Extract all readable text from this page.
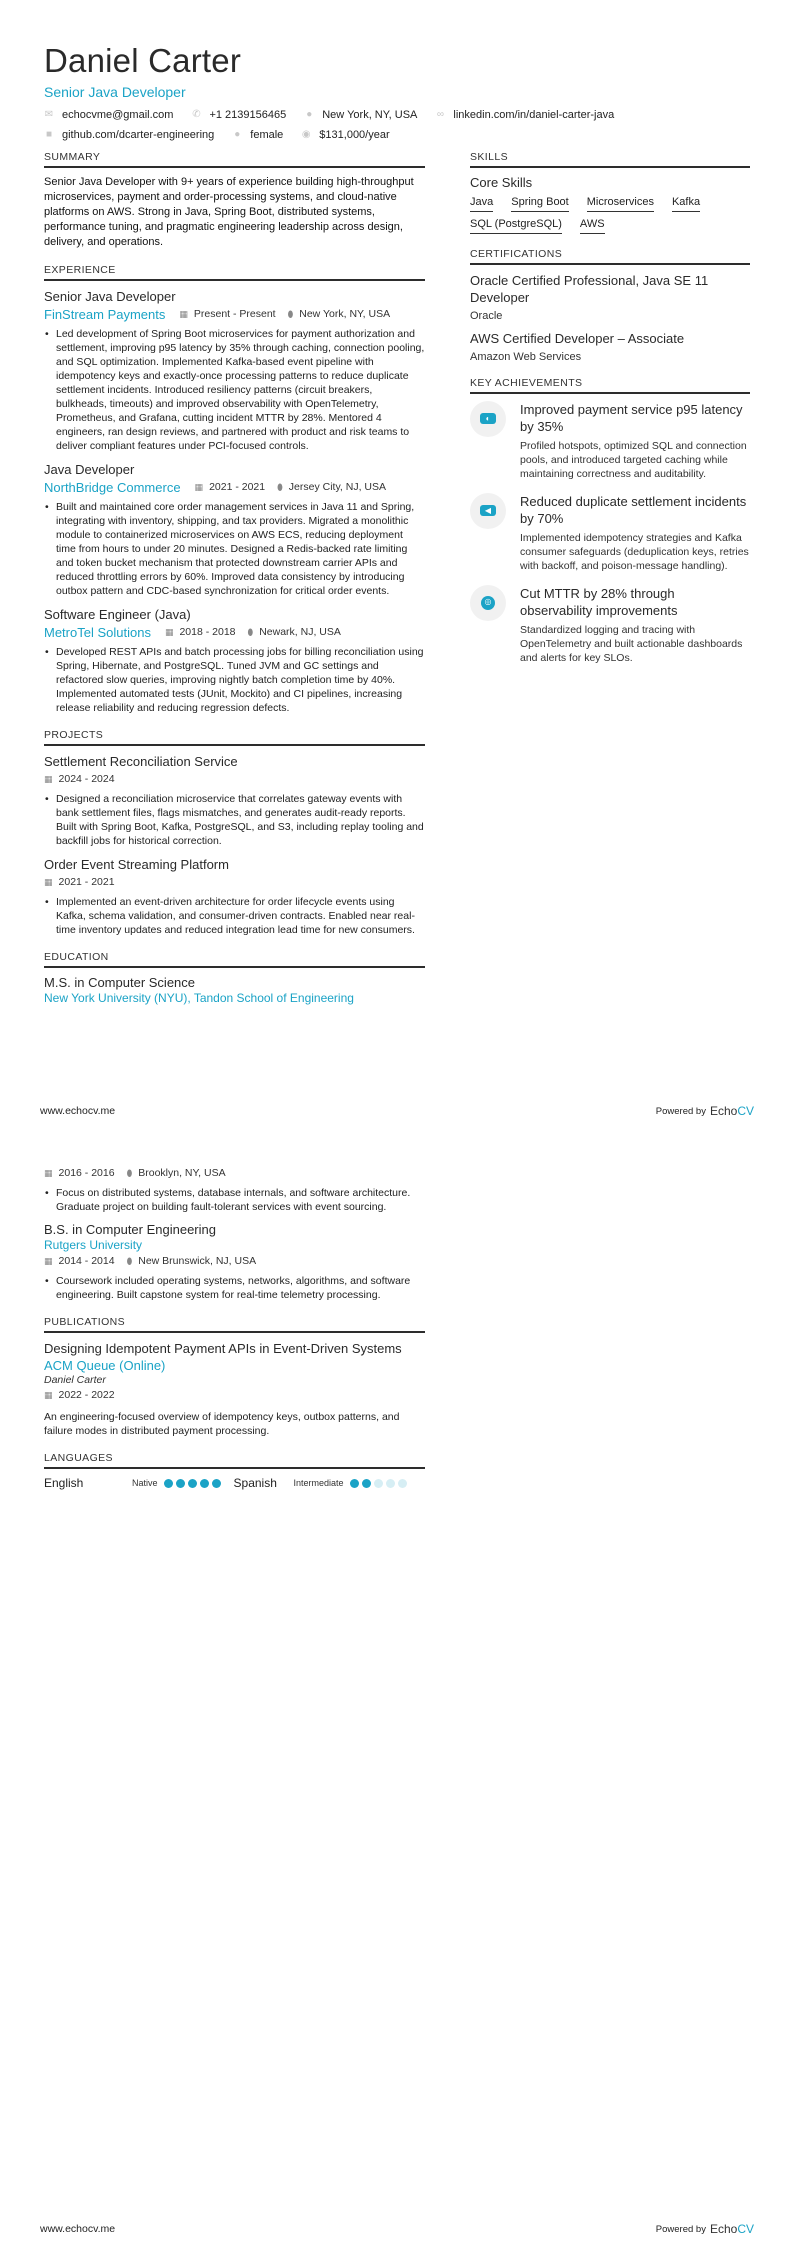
Daniel Carter
Senior Java Developer
✉ echocvme@gmail.com ✆ +1 2139156465 ● New York, NY, USA ∞ linkedin.com/in/daniel-carter-java
■ github.com/dcarter-engineering ● female ◉ $131,000/year
SUMMARY
Senior Java Developer with 9+ years of experience building high-throughput microservices, payment and order-processing systems, and cloud-native platforms on AWS. Strong in Java, Spring Boot, distributed systems, performance tuning, and pragmatic engineering leadership across design, delivery, and operations.
EXPERIENCE
Senior Java Developer
FinStream Payments ▦ Present - Present ⬮ New York, NY, USA
• Led development of Spring Boot microservices for payment authorization and settlement, improving p95 latency by 35% through caching, connection pooling, and SQL optimization. Implemented Kafka-based event pipeline with idempotency keys and exactly-once processing patterns to reduce duplicate settlement incidents. Introduced resiliency patterns (circuit breakers, bulkheads, timeouts) and improved observability with OpenTelemetry, Prometheus, and Grafana, cutting incident MTTR by 28%. Mentored 4 engineers, ran design reviews, and partnered with product and risk teams to deliver compliant features under PCI-focused controls.
Java Developer
NorthBridge Commerce ▦ 2021 - 2021 ⬮ Jersey City, NJ, USA
• Built and maintained core order management services in Java 11 and Spring, integrating with inventory, shipping, and tax providers. Migrated a monolithic module to containerized microservices on AWS ECS, reducing deployment time from hours to under 20 minutes. Designed a Redis-backed rate limiting and token bucket mechanism that protected downstream carrier APIs and reduced throttling errors by 60%. Improved data consistency by introducing outbox pattern and CDC-based synchronization for critical order events.
Software Engineer (Java)
MetroTel Solutions ▦ 2018 - 2018 ⬮ Newark, NJ, USA
• Developed REST APIs and batch processing jobs for billing reconciliation using Spring, Hibernate, and PostgreSQL. Tuned JVM and GC settings and refactored slow queries, improving nightly batch completion time by 40%. Implemented automated tests (JUnit, Mockito) and CI pipelines, increasing release reliability and reducing regression defects.
PROJECTS
Settlement Reconciliation Service
▦ 2024 - 2024
• Designed a reconciliation microservice that correlates gateway events with bank settlement files, flags mismatches, and generates audit-ready reports. Built with Spring Boot, Kafka, PostgreSQL, and S3, including replay tooling and backfill jobs for historical correction.
Order Event Streaming Platform
▦ 2021 - 2021
• Implemented an event-driven architecture for order lifecycle events using Kafka, schema validation, and consumer-driven contracts. Enabled near real-time inventory updates and reduced integration lead time for new consumers.
EDUCATION
M.S. in Computer Science
New York University (NYU), Tandon School of Engineering
SKILLS
Core Skills
Java Spring Boot Microservices Kafka
SQL (PostgreSQL) AWS
CERTIFICATIONS
Oracle Certified Professional, Java SE 11 Developer
Oracle
AWS Certified Developer – Associate
Amazon Web Services
KEY ACHIEVEMENTS
◐
Improved payment service p95 latency by 35%
Profiled hotspots, optimized SQL and connection pools, and introduced targeted caching while maintaining correctness and auditability.
◀
Reduced duplicate settlement incidents by 70%
Implemented idempotency strategies and Kafka consumer safeguards (deduplication keys, retries with backoff, and poison-message handling).
◎
Cut MTTR by 28% through observability improvements
Standardized logging and tracing with OpenTelemetry and built actionable dashboards and alerts for key SLOs.
www.echocv.me	Powered by EchoCV
▦ 2016 - 2016 ⬮ Brooklyn, NY, USA
• Focus on distributed systems, database internals, and software architecture. Graduate project on building fault-tolerant services with event sourcing.
B.S. in Computer Engineering
Rutgers University
▦ 2014 - 2014 ⬮ New Brunswick, NJ, USA
• Coursework included operating systems, networks, algorithms, and software engineering. Built capstone system for real-time telemetry processing.
PUBLICATIONS
Designing Idempotent Payment APIs in Event-Driven Systems
ACM Queue (Online)
Daniel Carter
▦ 2022 - 2022
An engineering-focused overview of idempotency keys, outbox patterns, and failure modes in distributed payment processing.
LANGUAGES
English	Native	Spanish	Intermediate
www.echocv.me	Powered by EchoCV
